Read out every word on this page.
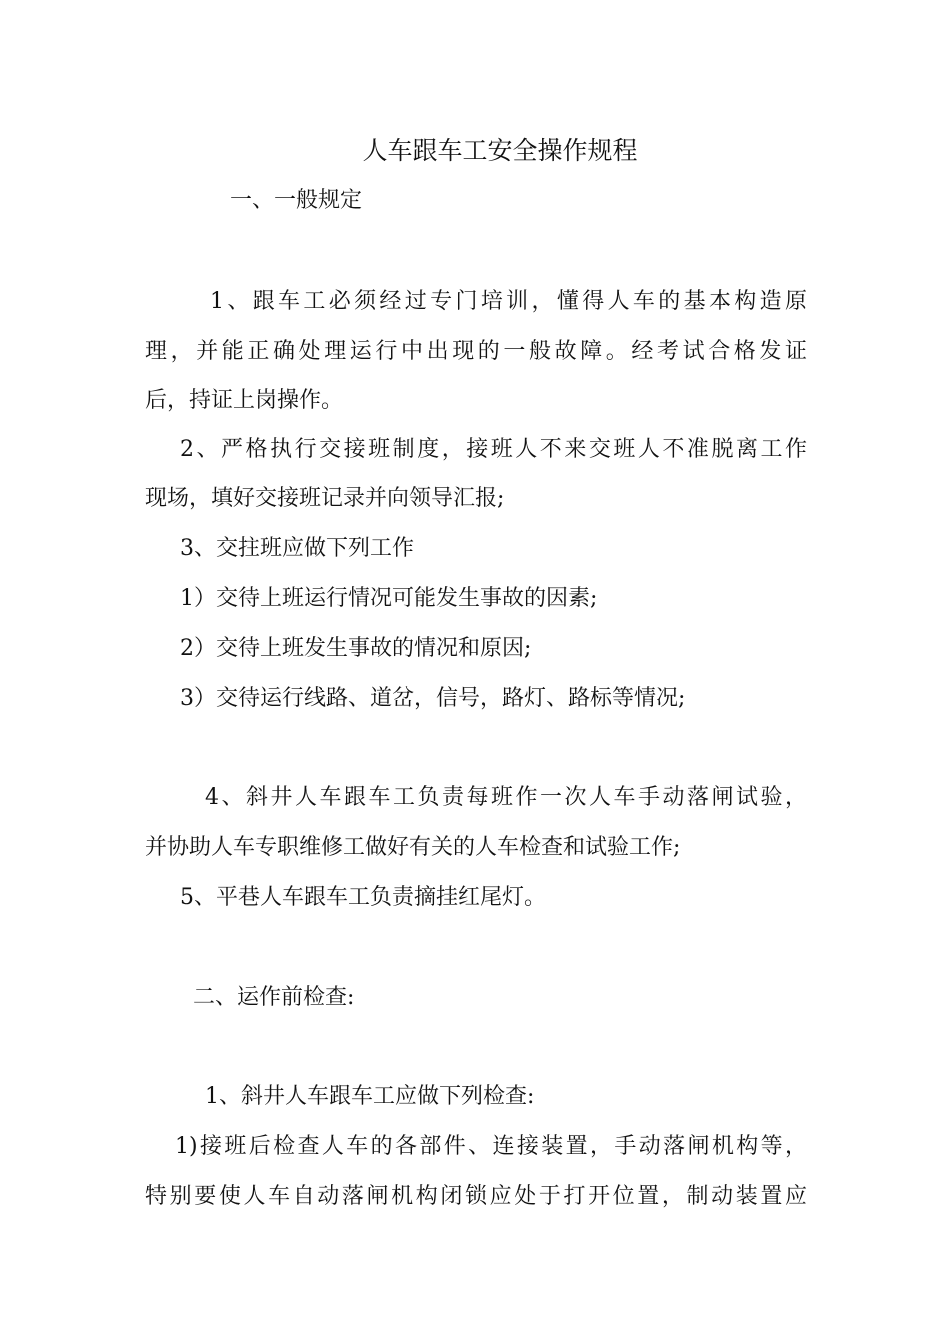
人车跟车工安全操作规程
一、一般规定
1、跟车工必须经过专门培训，懂得人车的基本构造原
理，并能正确处理运行中出现的一般故障。经考试合格发证
后，持证上岗操作。
2、严格执行交接班制度，接班人不来交班人不准脱离工作
现场，填好交接班记录并向领导汇报;
3、交拄班应做下列工作
1）交待上班运行情况可能发生事故的因素;
2）交待上班发生事故的情况和原因;
3）交待运行线路、道岔，信号，路灯、路标等情况;
4、斜井人车跟车工负责每班作一次人车手动落闸试验，
并协助人车专职维修工做好有关的人车检查和试验工作;
5、平巷人车跟车工负责摘挂红尾灯。
二、运作前检查:
1、斜井人车跟车工应做下列检查:
1)接班后检查人车的各部件、连接装置，手动落闸机构等，
特别要使人车自动落闸机构闭锁应处于打开位置，制动装置应
